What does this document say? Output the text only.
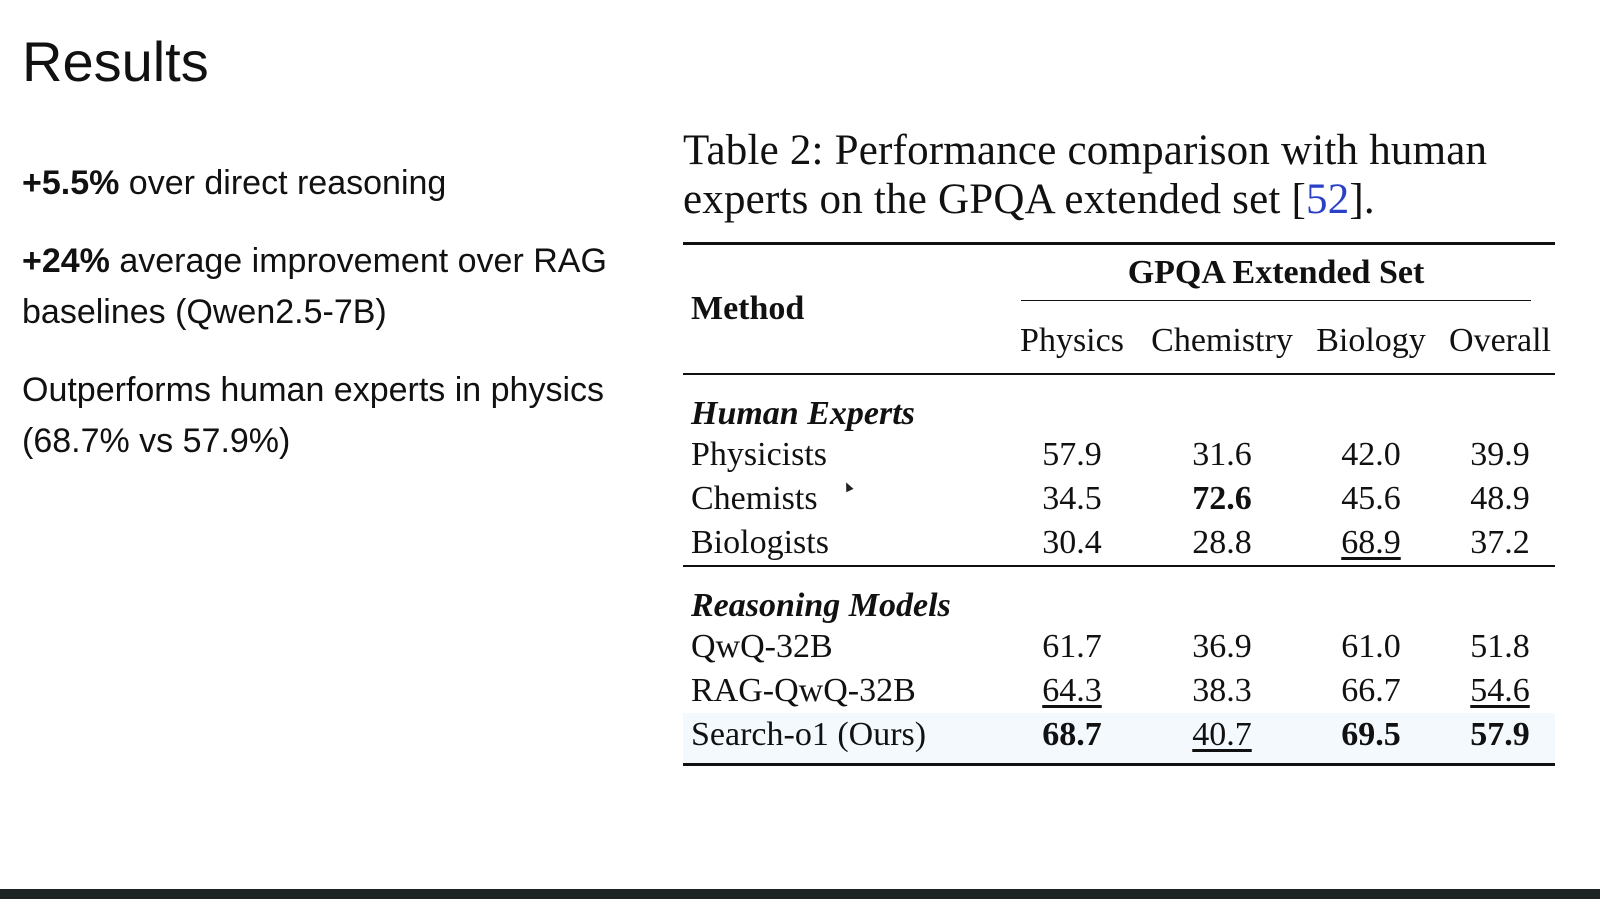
Results

+5.5% over direct reasoning

+24% average improvement over RAG baselines (Qwen2.5-7B)

Outperforms human experts in physics (68.7% vs 57.9%)

Table 2: Performance comparison with human experts on the GPQA extended set [52].

Method	GPQA Extended Set			

	Physics	Chemistry	Biology	Overall
Human Experts				
Physicists	57.9	31.6	42.0	39.9
Chemists	34.5	72.6	45.6	48.9
Biologists	30.4	28.8	68.9	37.2
Reasoning Models				
QwQ-32B	61.7	36.9	61.0	51.8
RAG-QwQ-32B	64.3	38.3	66.7	54.6
Search-o1 (Ours)	68.7	40.7	69.5	57.9
